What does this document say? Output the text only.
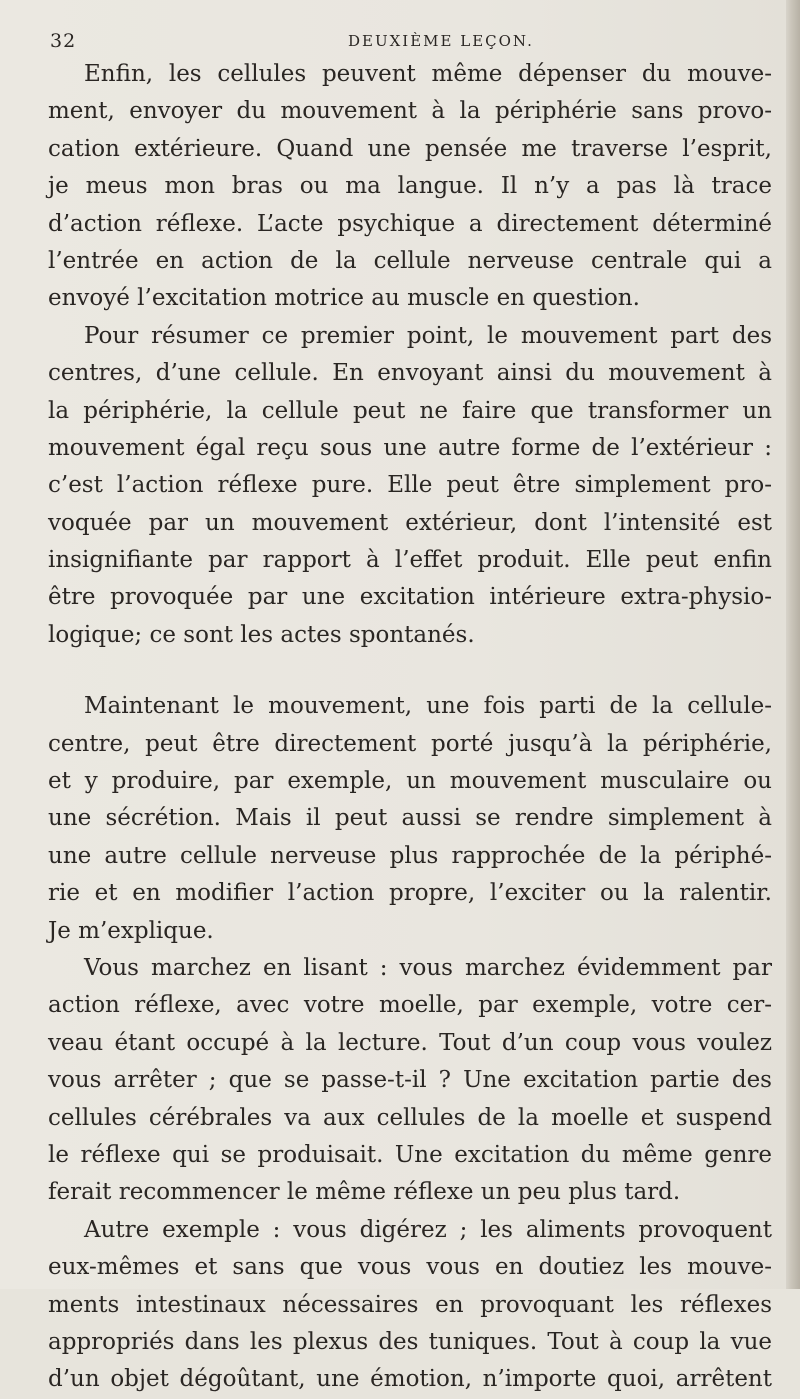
32	DEUXIÈME LEÇON.
Enfin, les cellules peuvent même dépenser du mouve-
ment, envoyer du mouvement à la périphérie sans provo-
cation extérieure. Quand une pensée me traverse l’esprit,
je meus mon bras ou ma langue. Il n’y a pas là trace
d’action réflexe. L’acte psychique a directement déterminé
l’entrée en action de la cellule nerveuse centrale qui a
envoyé l’excitation motrice au muscle en question.
Pour résumer ce premier point, le mouvement part des
centres, d’une cellule. En envoyant ainsi du mouvement à
la périphérie, la cellule peut ne faire que transformer un
mouvement égal reçu sous une autre forme de l’extérieur :
c’est l’action réflexe pure. Elle peut être simplement pro-
voquée par un mouvement extérieur, dont l’intensité est
insignifiante par rapport à l’effet produit. Elle peut enfin
être provoquée par une excitation intérieure extra-physio-
logique; ce sont les actes spontanés.
Maintenant le mouvement, une fois parti de la cellule-
centre, peut être directement porté jusqu’à la périphérie,
et y produire, par exemple, un mouvement musculaire ou
une sécrétion. Mais il peut aussi se rendre simplement à
une autre cellule nerveuse plus rapprochée de la périphé-
rie et en modifier l’action propre, l’exciter ou la ralentir.
Je m’explique.
Vous marchez en lisant : vous marchez évidemment par
action réflexe, avec votre moelle, par exemple, votre cer-
veau étant occupé à la lecture. Tout d’un coup vous voulez
vous arrêter ; que se passe-t-il ? Une excitation partie des
cellules cérébrales va aux cellules de la moelle et suspend
le réflexe qui se produisait. Une excitation du même genre
ferait recommencer le même réflexe un peu plus tard.
Autre exemple : vous digérez ; les aliments provoquent
eux-mêmes et sans que vous vous en doutiez les mouve-
ments intestinaux nécessaires en provoquant les réflexes
appropriés dans les plexus des tuniques. Tout à coup la vue
d’un objet dégoûtant, une émotion, n’importe quoi, arrêtent
